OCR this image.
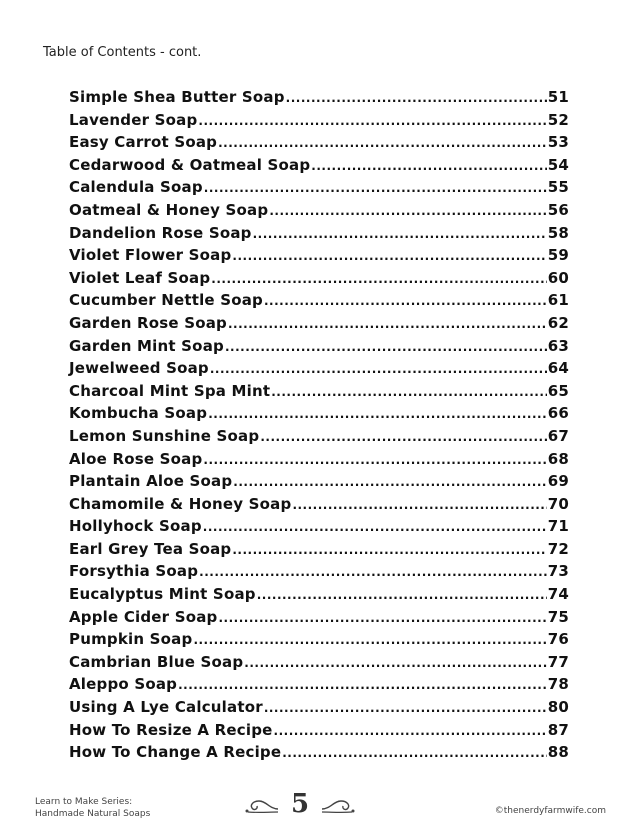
Table of Contents - cont.
Simple Shea Butter Soap .....	51
Lavender Soap .....	52
Easy Carrot Soap .....	53
Cedarwood & Oatmeal Soap .....	54
Calendula Soap .....	55
Oatmeal & Honey Soap .....	56
Dandelion Rose Soap .....	58
Violet Flower Soap .....	59
Violet Leaf Soap .....	60
Cucumber Nettle Soap .....	61
Garden Rose Soap .....	62
Garden Mint Soap .....	63
Jewelweed Soap .....	64
Charcoal Mint Spa Mint .....	65
Kombucha Soap .....	66
Lemon Sunshine Soap .....	67
Aloe Rose Soap .....	68
Plantain Aloe Soap .....	69
Chamomile & Honey Soap .....	70
Hollyhock Soap .....	71
Earl Grey Tea Soap .....	72
Forsythia Soap .....	73
Eucalyptus Mint Soap .....	74
Apple Cider Soap .....	75
Pumpkin Soap .....	76
Cambrian Blue Soap .....	77
Aleppo Soap .....	78
Using A Lye Calculator .....	80
How To Resize A Recipe .....	87
How To Change A Recipe .....	88
Learn to Make Series:
Handmade Natural Soaps	5	©thenerdyfarmwife.com
